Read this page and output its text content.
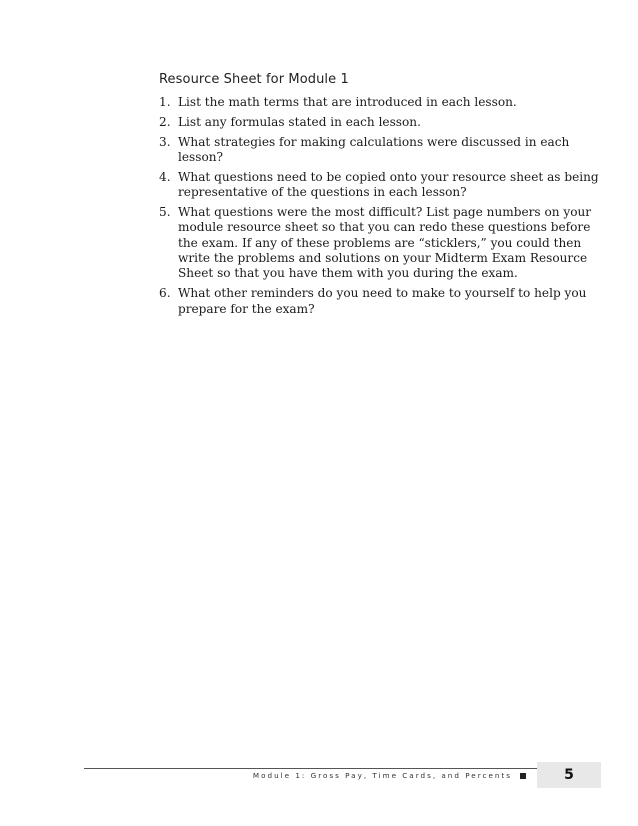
Resource Sheet for Module 1
1. List the math terms that are introduced in each lesson.
2. List any formulas stated in each lesson.
3. What strategies for making calculations were discussed in each lesson?
4. What questions need to be copied onto your resource sheet as being representative of the questions in each lesson?
5. What questions were the most difficult? List page numbers on your module resource sheet so that you can redo these questions before the exam. If any of these problems are “sticklers,” you could then write the problems and solutions on your Midterm Exam Resource Sheet so that you have them with you during the exam.
6. What other reminders do you need to make to yourself to help you prepare for the exam?
Module 1: Gross Pay, Time Cards, and Percents	5
